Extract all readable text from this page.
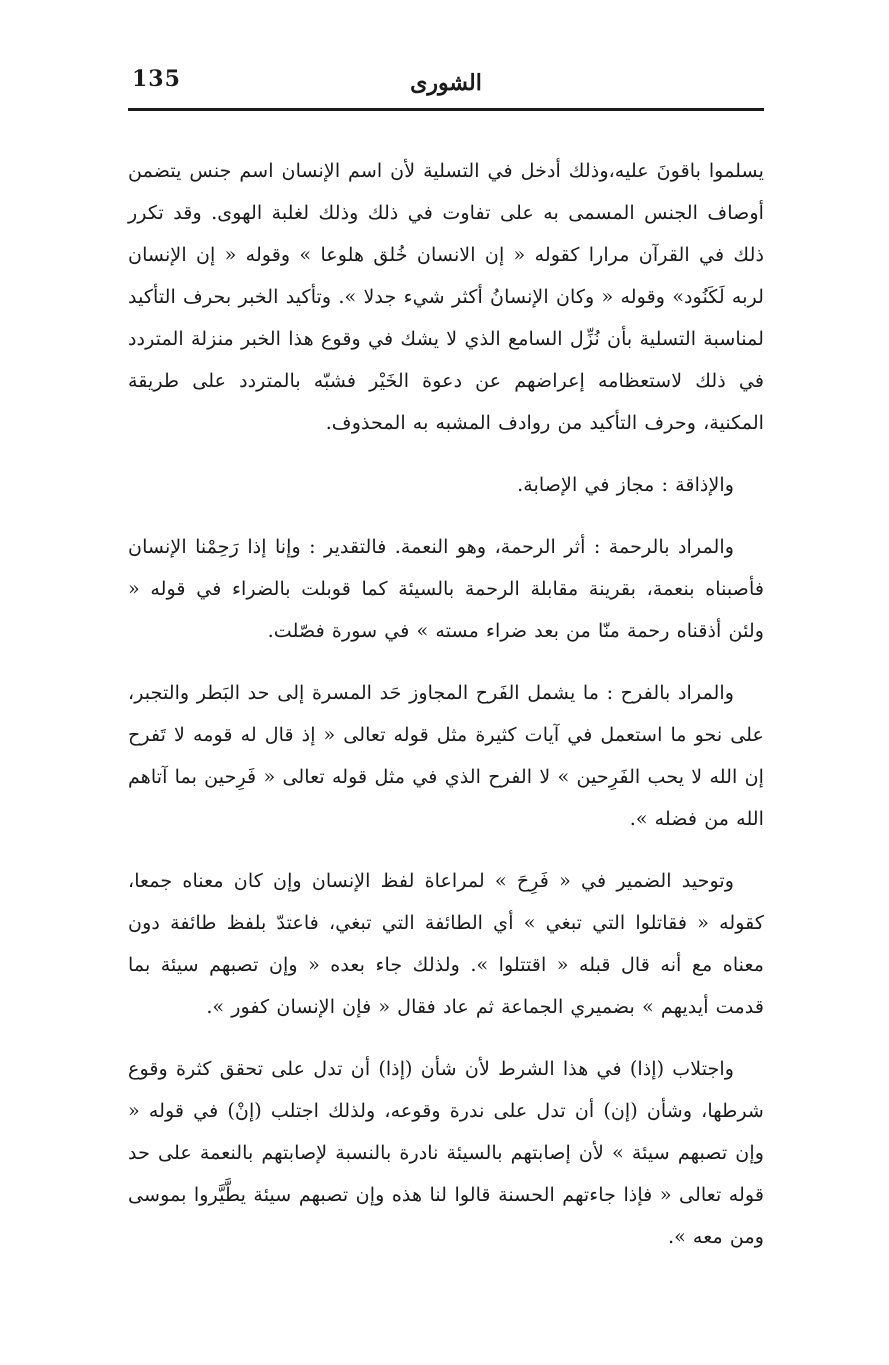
135	الشورى

يسلموا باقونَ عليه،وذلك أدخل في التسلية لأن اسم الإنسان اسم جنس يتضمن أوصاف الجنس المسمى به على تفاوت في ذلك وذلك لغلبة الهوى. وقد تكرر ذلك في القرآن مرارا كقوله « إن الانسان خُلق هلوعا » وقوله « إن الإنسان لربه لَكَنُود» وقوله « وكان الإنسانُ أكثر شيء جدلا ». وتأكيد الخبر بحرف التأكيد لمناسبة التسلية بأن نُزِّل السامع الذي لا يشك في وقوع هذا الخبر منزلة المتردد في ذلك لاستعظامه إعراضهم عن دعوة الخَيْر فشبّه بالمتردد على طريقة المكنية، وحرف التأكيد من روادف المشبه به المحذوف.

والإذاقة : مجاز في الإصابة.

والمراد بالرحمة : أثر الرحمة، وهو النعمة. فالتقدير : وإنا إذا رَحِمْنا الإنسان فأصبناه بنعمة، بقرينة مقابلة الرحمة بالسيئة كما قوبلت بالضراء في قوله « ولئن أذقناه رحمة منّا من بعد ضراء مسته » في سورة فصّلت.

والمراد بالفرح : ما يشمل الفَرح المجاوز حَد المسرة إلى حد البَطر والتجبر، على نحو ما استعمل في آيات كثيرة مثل قوله تعالى « إذ قال له قومه لا تَفرح إن الله لا يحب الفَرِحين » لا الفرح الذي في مثل قوله تعالى « فَرِحين بما آتاهم الله من فضله ».

وتوحيد الضمير في « فَرِحَ » لمراعاة لفظ الإنسان وإن كان معناه جمعا، كقوله « فقاتلوا التي تبغي » أي الطائفة التي تبغي، فاعتدّ بلفظ طائفة دون معناه مع أنه قال قبله « اقتتلوا ». ولذلك جاء بعده « وإن تصبهم سيئة بما قدمت أيديهم » بضميري الجماعة ثم عاد فقال « فإن الإنسان كفور ».

واجتلاب (إذا) في هذا الشرط لأن شأن (إذا) أن تدل على تحقق كثرة وقوع شرطها، وشأن (إن) أن تدل على ندرة وقوعه، ولذلك اجتلب (إنْ) في قوله « وإن تصبهم سيئة » لأن إصابتهم بالسيئة نادرة بالنسبة لإصابتهم بالنعمة على حد قوله تعالى « فإذا جاءتهم الحسنة قالوا لنا هذه وإن تصبهم سيئة يطَّيَّروا بموسى ومن معه ».
